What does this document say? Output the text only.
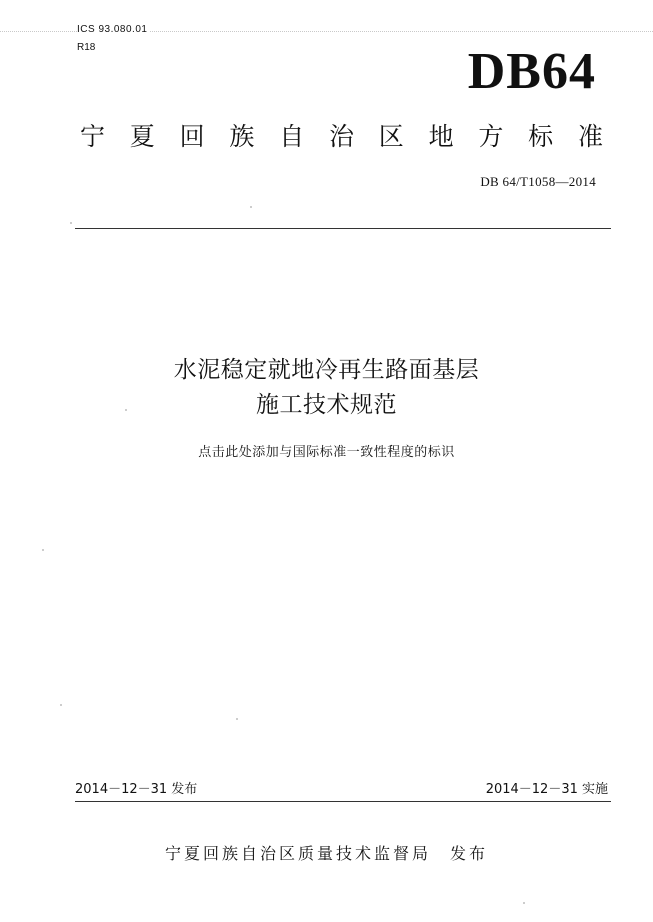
ICS 93.080.01
R18	DB64
宁 夏 回 族 自 治 区 地 方 标 准
DB 64/T1058—2014
水泥稳定就地冷再生路面基层
施工技术规范
点击此处添加与国际标准一致性程度的标识
2014－12－31 发布	2014－12－31 实施
宁夏回族自治区质量技术监督局　发布
